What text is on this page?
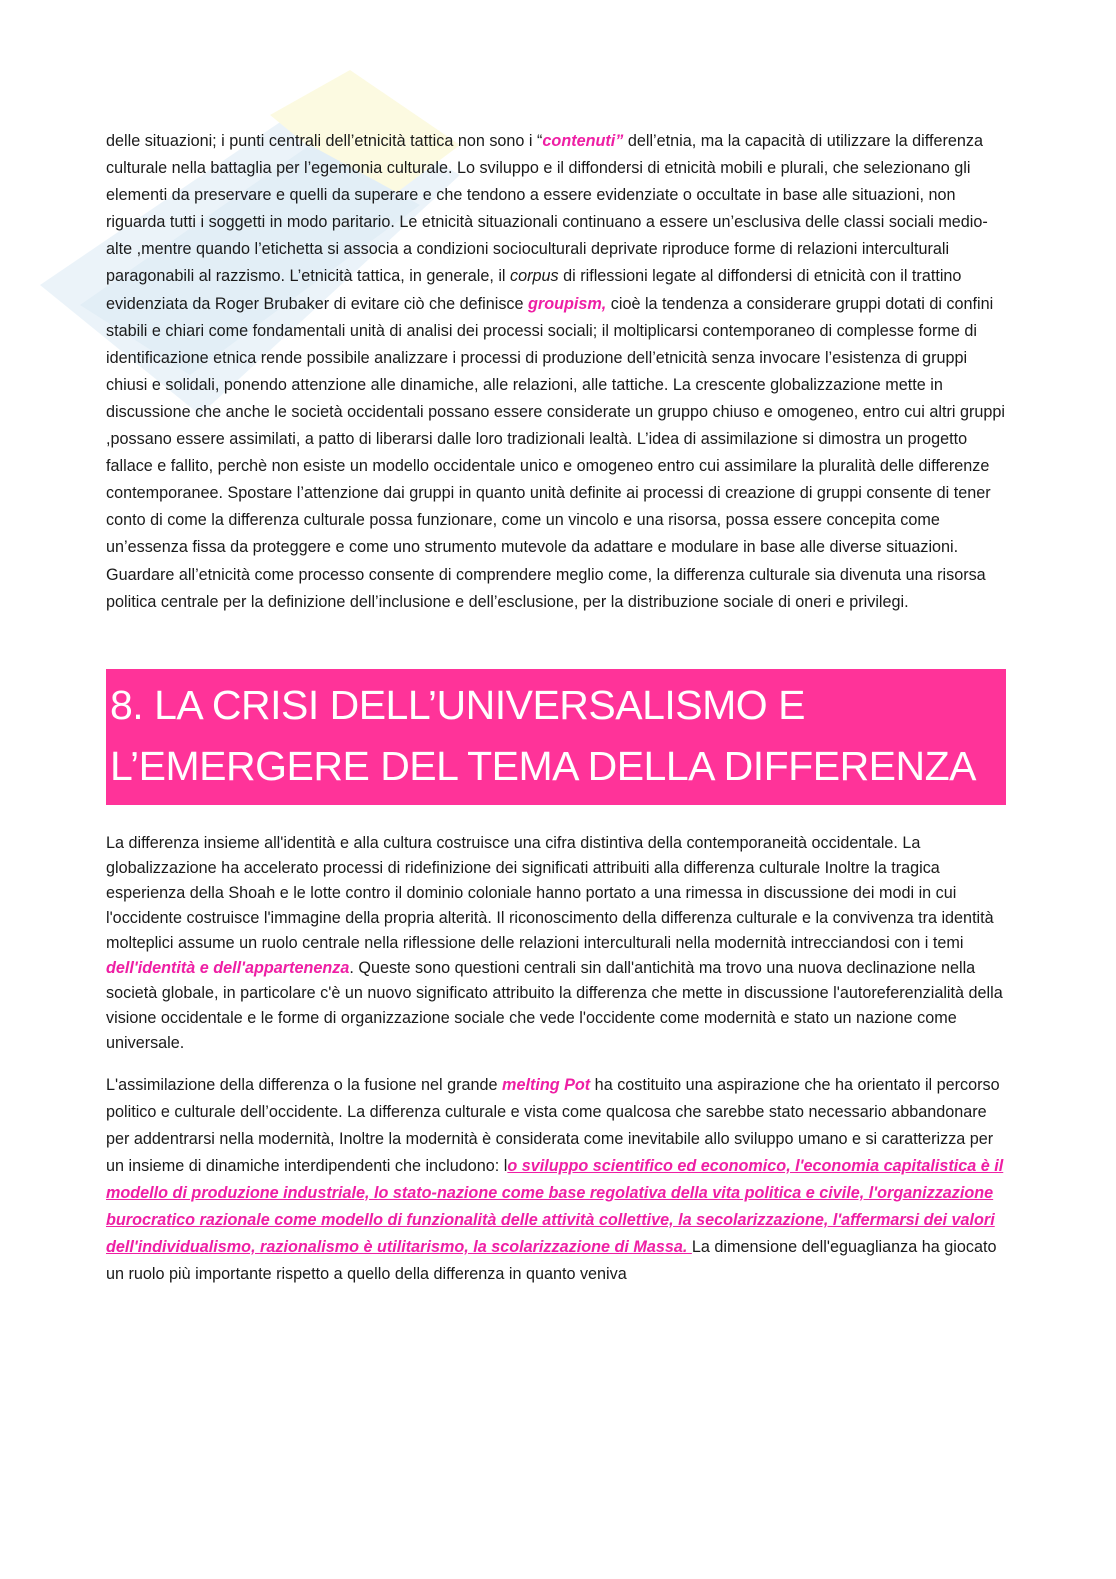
delle situazioni; i punti centrali dell’etnicità tattica non sono i “contenuti” dell’etnia, ma la capacità di utilizzare la differenza culturale nella battaglia per l’egemonia culturale. Lo sviluppo e il diffondersi di etnicità mobili e plurali, che selezionano gli elementi da preservare e quelli da superare e che tendono a essere evidenziate o occultate in base alle situazioni, non riguarda tutti i soggetti in modo paritario. Le etnicità situazionali continuano a essere un’esclusiva delle classi sociali medio-alte ,mentre quando l’etichetta si associa a condizioni socioculturali deprivate riproduce forme di relazioni interculturali paragonabili al razzismo. L’etnicità tattica, in generale, il corpus di riflessioni legate al diffondersi di etnicità con il trattino evidenziata da Roger Brubaker di evitare ciò che definisce groupism, cioè la tendenza a considerare gruppi dotati di confini stabili e chiari come fondamentali unità di analisi dei processi sociali; il moltiplicarsi contemporaneo di complesse forme di identificazione etnica rende possibile analizzare i processi di produzione dell’etnicità senza invocare l’esistenza di gruppi chiusi e solidali, ponendo attenzione alle dinamiche, alle relazioni, alle tattiche. La crescente globalizzazione mette in discussione che anche le società occidentali possano essere considerate un gruppo chiuso e omogeneo, entro cui altri gruppi ,possano essere assimilati, a patto di liberarsi dalle loro tradizionali lealtà. L’idea di assimilazione si dimostra un progetto fallace e fallito, perchè non esiste un modello occidentale unico e omogeneo entro cui assimilare la pluralità delle differenze contemporanee. Spostare l’attenzione dai gruppi in quanto unità definite ai processi di creazione di gruppi consente di tener conto di come la differenza culturale possa funzionare, come un vincolo e una risorsa, possa essere concepita come un’essenza fissa da proteggere e come uno strumento mutevole da adattare e modulare in base alle diverse situazioni. Guardare all’etnicità come processo consente di comprendere meglio come, la differenza culturale sia divenuta una risorsa politica centrale per la definizione dell’inclusione e dell’esclusione, per la distribuzione sociale di oneri e privilegi.

8. LA CRISI DELL’UNIVERSALISMO E
L’EMERGERE DEL TEMA DELLA DIFFERENZA

La differenza insieme all'identità e alla cultura costruisce una cifra distintiva della contemporaneità occidentale. La globalizzazione ha accelerato processi di ridefinizione dei significati attribuiti alla differenza culturale Inoltre la tragica esperienza della Shoah e le lotte contro il dominio coloniale hanno portato a una rimessa in discussione dei modi in cui l'occidente costruisce l'immagine della propria alterità. Il riconoscimento della differenza culturale e la convivenza tra identità molteplici assume un ruolo centrale nella riflessione delle relazioni interculturali nella modernità intrecciandosi con i temi dell'identità e dell'appartenenza. Queste sono questioni centrali sin dall'antichità ma trovo una nuova declinazione nella società globale, in particolare c'è un nuovo significato attribuito la differenza che mette in discussione l'autoreferenzialità della visione occidentale e le forme di organizzazione sociale che vede l'occidente come modernità e stato un nazione come universale.

L'assimilazione della differenza o la fusione nel grande melting Pot ha costituito una aspirazione che ha orientato il percorso politico e culturale dell’occidente. La differenza culturale e vista come qualcosa che sarebbe stato necessario abbandonare per addentrarsi nella modernità, Inoltre la modernità è considerata come inevitabile allo sviluppo umano e si caratterizza per un insieme di dinamiche interdipendenti che includono: lo sviluppo scientifico ed economico, l'economia capitalistica è il modello di produzione industriale, lo stato-nazione come base regolativa della vita politica e civile, l'organizzazione burocratico razionale come modello di funzionalità delle attività collettive, la secolarizzazione, l'affermarsi dei valori dell'individualismo, razionalismo è utilitarismo, la scolarizzazione di Massa. La dimensione dell'eguaglianza ha giocato un ruolo più importante rispetto a quello della differenza in quanto veniva
